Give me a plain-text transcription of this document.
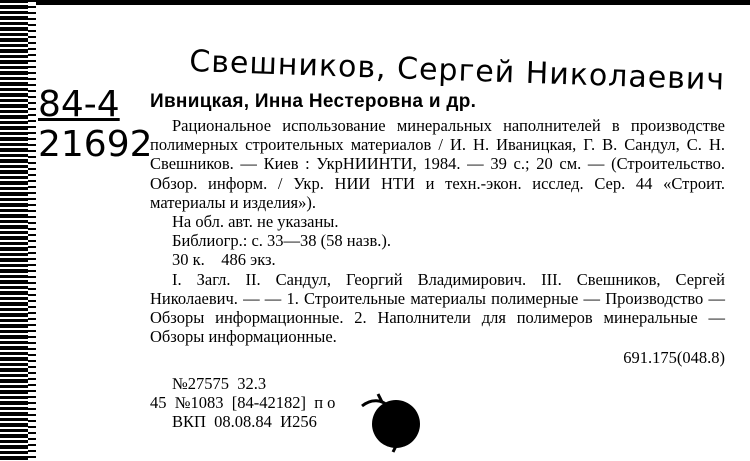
Свешников, Сергей Николаевич
84-4
21692
Ивницкая, Инна Нестеровна и др.
Рациональное использование минеральных наполнителей в производстве полимерных строительных материалов / И. Н. Иваницкая, Г. В. Сандул, С. Н. Свешников. — Киев : УкрНИИНТИ, 1984. — 39 с.; 20 см. — (Строительство. Обзор. информ. / Укр. НИИ НТИ и техн.-экон. исслед. Сер. 44 «Строит. материалы и изделия»).
На обл. авт. не указаны.
Библиогр.: с. 33—38 (58 назв.).
30 к.    486 экз.
I. Загл. II. Сандул, Георгий Владимирович. III. Свешников, Сергей Николаевич. — — 1. Строительные материалы полимерные — Производство — Обзоры информационные. 2. Наполнители для полимеров минеральные — Обзоры информационные.
691.175(048.8)
№27575  32.3
45  №1083  [84-42182]  п о
ВКП  08.08.84  И256
